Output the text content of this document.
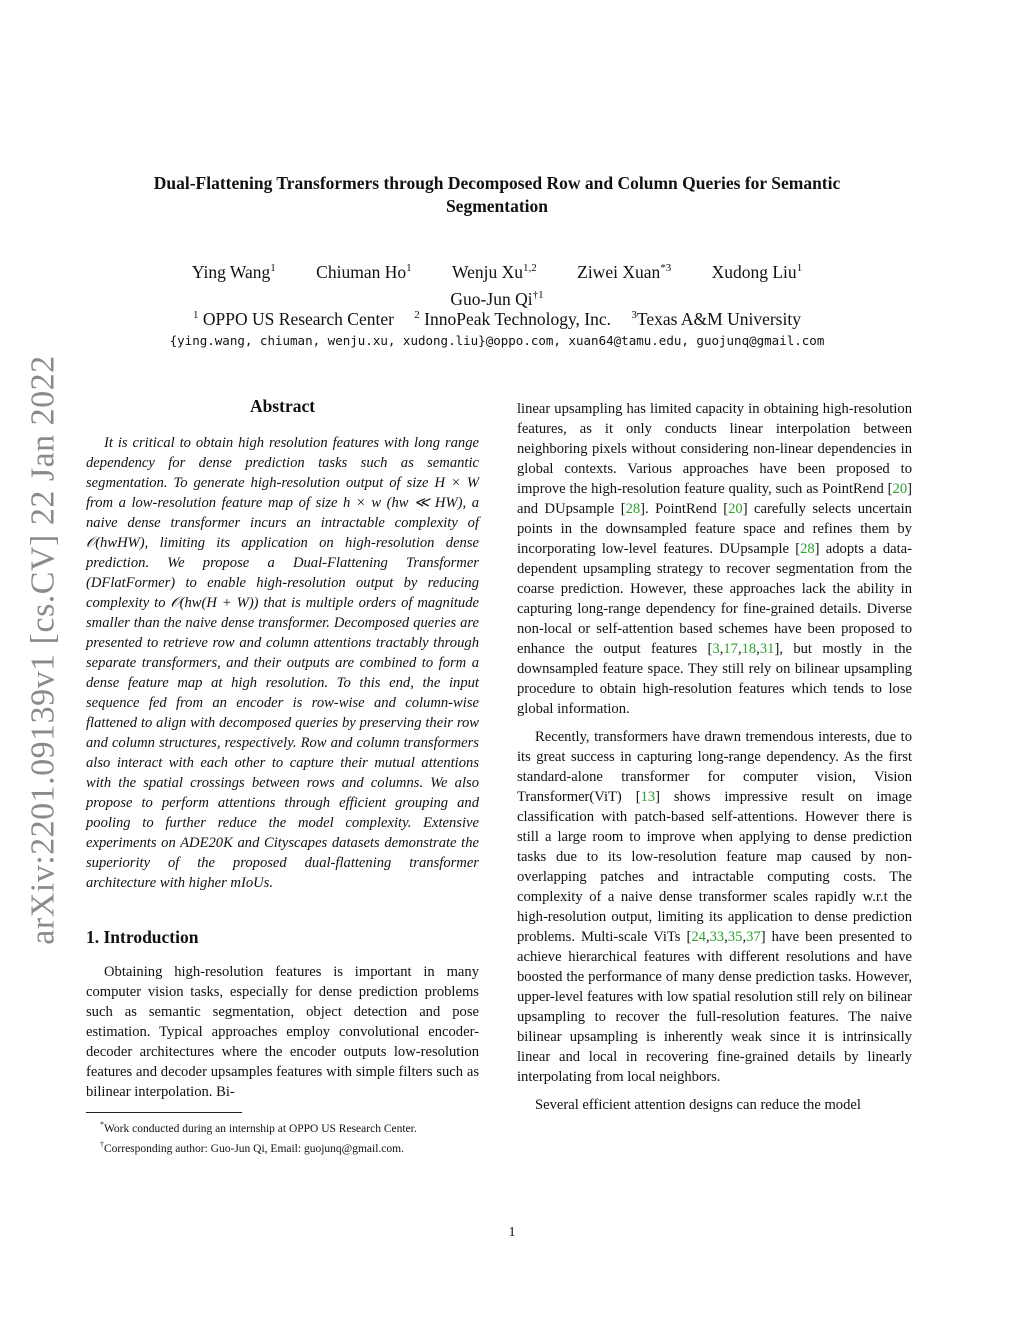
arXiv:2201.09139v1 [cs.CV] 22 Jan 2022
Dual-Flattening Transformers through Decomposed Row and Column Queries for Semantic
Segmentation
Ying Wang$^1$ Chiuman Ho$^1$ Wenju Xu$^{1,2}$ Ziwei Xuan$^{*3}$ Xudong Liu$^1$
Guo-Jun Qi$^{\dagger 1}$
$^1$ OPPO US Research Center $^2$ InnoPeak Technology, Inc. $^3$Texas A&M University
{ying.wang, chiuman, wenju.xu, xudong.liu}@oppo.com, xuan64@tamu.edu, guojunq@gmail.com
Abstract

It is critical to obtain high resolution features with long range dependency for dense prediction tasks such as semantic segmentation. To generate high-resolution output of size H × W from a low-resolution feature map of size h × w (hw ≪ HW), a naive dense transformer incurs an intractable complexity of 𝒪(hwHW), limiting its application on high-resolution dense prediction. We propose a Dual-Flattening Transformer (DFlatFormer) to enable high-resolution output by reducing complexity to 𝒪(hw(H + W)) that is multiple orders of magnitude smaller than the naive dense transformer. Decomposed queries are presented to retrieve row and column attentions tractably through separate transformers, and their outputs are combined to form a dense feature map at high resolution. To this end, the input sequence fed from an encoder is row-wise and column-wise flattened to align with decomposed queries by preserving their row and column structures, respectively. Row and column transformers also interact with each other to capture their mutual attentions with the spatial crossings between rows and columns. We also propose to perform attentions through efficient grouping and pooling to further reduce the model complexity. Extensive experiments on ADE20K and Cityscapes datasets demonstrate the superiority of the proposed dual-flattening transformer architecture with higher mIoUs.

1. Introduction

Obtaining high-resolution features is important in many computer vision tasks, especially for dense prediction problems such as semantic segmentation, object detection and pose estimation. Typical approaches employ convolutional encoder-decoder architectures where the encoder outputs low-resolution features and decoder upsamples features with simple filters such as bilinear interpolation. Bi-

*Work conducted during an internship at OPPO US Research Center.
†Corresponding author: Guo-Jun Qi, Email: guojunq@gmail.com.

linear upsampling has limited capacity in obtaining high-resolution features, as it only conducts linear interpolation between neighboring pixels without considering non-linear dependencies in global contexts. Various approaches have been proposed to improve the high-resolution feature quality, such as PointRend [20] and DUpsample [28]. PointRend [20] carefully selects uncertain points in the downsampled feature space and refines them by incorporating low-level features. DUpsample [28] adopts a data-dependent upsampling strategy to recover segmentation from the coarse prediction. However, these approaches lack the ability in capturing long-range dependency for fine-grained details. Diverse non-local or self-attention based schemes have been proposed to enhance the output features [3,17,18,31], but mostly in the downsampled feature space. They still rely on bilinear upsampling procedure to obtain high-resolution features which tends to lose global information.

Recently, transformers have drawn tremendous interests, due to its great success in capturing long-range dependency. As the first standard-alone transformer for computer vision, Vision Transformer(ViT) [13] shows impressive result on image classification with patch-based self-attentions. However there is still a large room to improve when applying to dense prediction tasks due to its low-resolution feature map caused by non-overlapping patches and intractable computing costs. The complexity of a naive dense transformer scales rapidly w.r.t the high-resolution output, limiting its application to dense prediction problems. Multi-scale ViTs [24,33,35,37] have been presented to achieve hierarchical features with different resolutions and have boosted the performance of many dense prediction tasks. However, upper-level features with low spatial resolution still rely on bilinear upsampling to recover the full-resolution features. The naive bilinear upsampling is inherently weak since it is intrinsically linear and local in recovering fine-grained details by linearly interpolating from local neighbors.

Several efficient attention designs can reduce the model

1
